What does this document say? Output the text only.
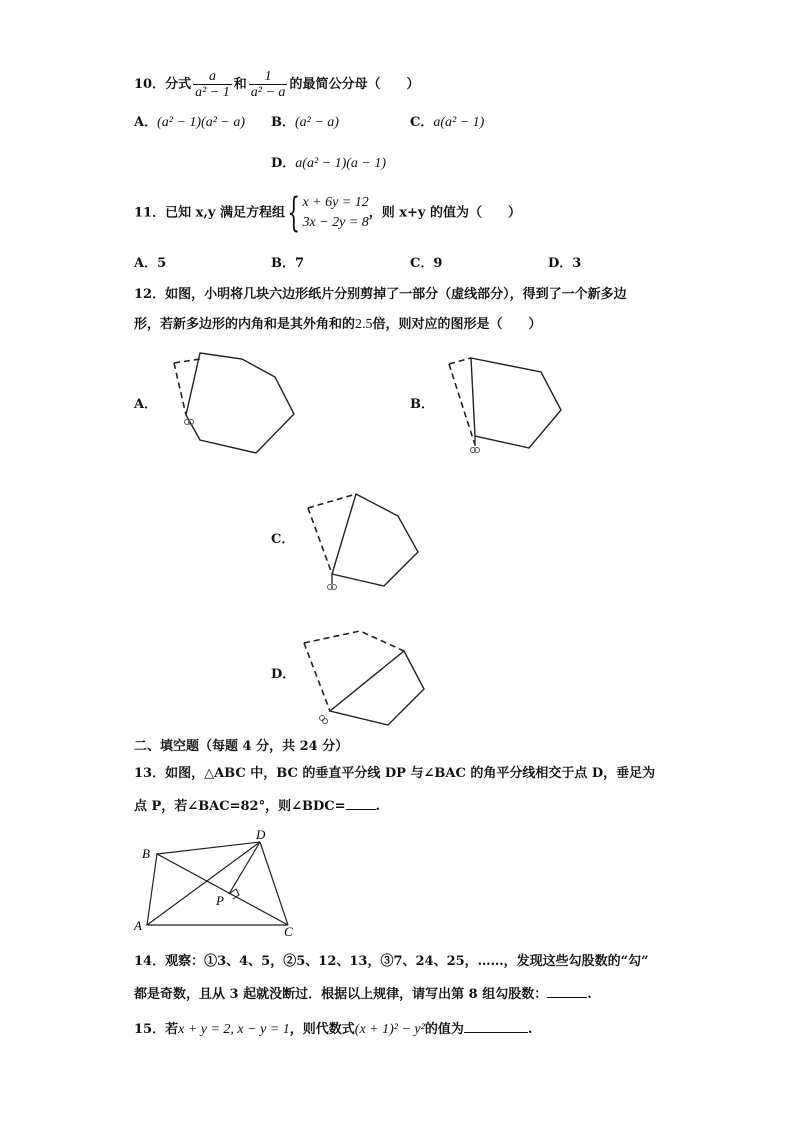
10．分式 $\frac{a}{\text{a² − 1}}$ 和 $\frac{1}{\text{a² − a}}$ 的最简公分母（　　）
A．(a² − 1)(a² − a) B．(a² − a)	C．a(a² − 1)
D．a(a² − 1)(a − 1)
11．已知 x,y 满足方程组{ x + 6y = 12
3x − 2y = 8
，则 x+y 的值为（　　）
A．5	B．7	C．9	D．3
12．如图，小明将几块六边形纸片分别剪掉了一部分（虚线部分），得到了一个新多边
形，若新多边形的内角和是其外角和的2.5倍，则对应的图形是（　　）
A．	B．
C．
D．
二、填空题（每题 4 分，共 24 分）
13．如图，△ABC 中，BC 的垂直平分线 DP 与∠BAC 的角平分线相交于点 D，垂足为
点 P，若∠BAC=82°，则∠BDC= .
A
B
C
D
P
14．观察：①3、4、5，②5、12、13，③7、24、25，……，发现这些勾股数的“勾”
都是奇数，且从 3 起就没断过．根据以上规律，请写出第 8 组勾股数：	.
15．若x + y = 2, x − y = 1，则代数式(x + 1)² − y²的值为	.
